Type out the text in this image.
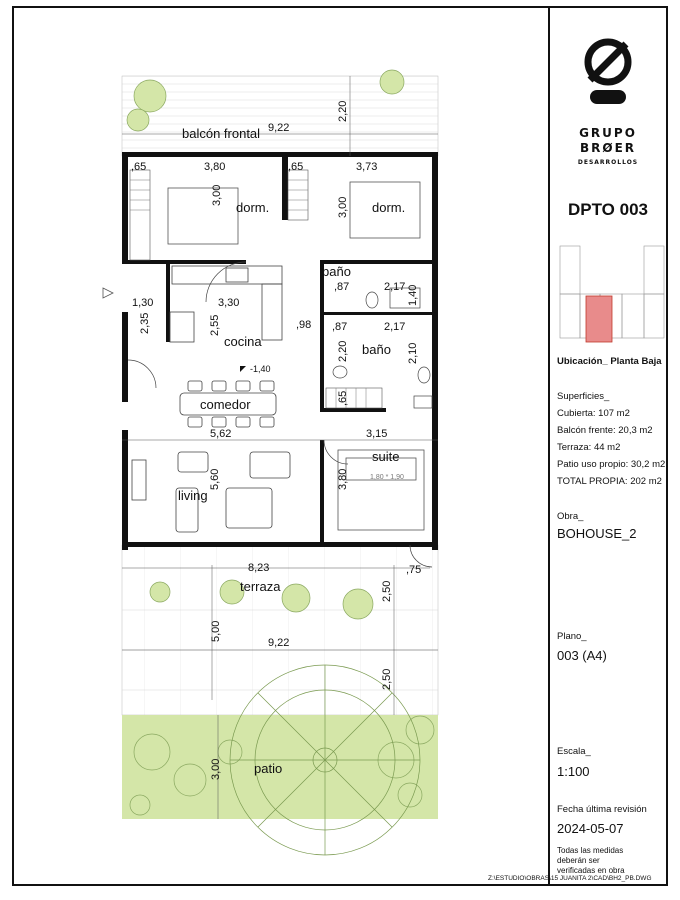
balcón frontal
dorm.	dorm.
baño
baño
cocina
comedor
living
suite
terraza
patio
9,22
2,20
,65	3,80	,65	3,73
3,00
3,00
1,30
2,35
3,30
2,55
,87	2,17 1,40
,98 ,87	2,17
2,20	2,10
-1,40
,65
5,62
5,60
3,15
3,80	1,80 * 1,90
8,23	,75
2,50
5,00
9,22
2,50
3,00
GRUPO
BRØER
DESARROLLOS
DPTO 003
Ubicación_ Planta Baja
Superficies_
Cubierta: 107 m2
Balcón frente: 20,3 m2
Terraza: 44 m2
Patio uso propio: 30,2 m2
TOTAL PROPIA: 202 m2
Obra_
BOHOUSE_2
Plano_
003 (A4)
Escala_
1:100
Fecha última revisión
2024-05-07
Todas las medidas
deberán ser
verificadas en obra
Z:\ESTUDIO\OBRAS\15 JUANITA 2\CAD\BH2_PB.DWG
